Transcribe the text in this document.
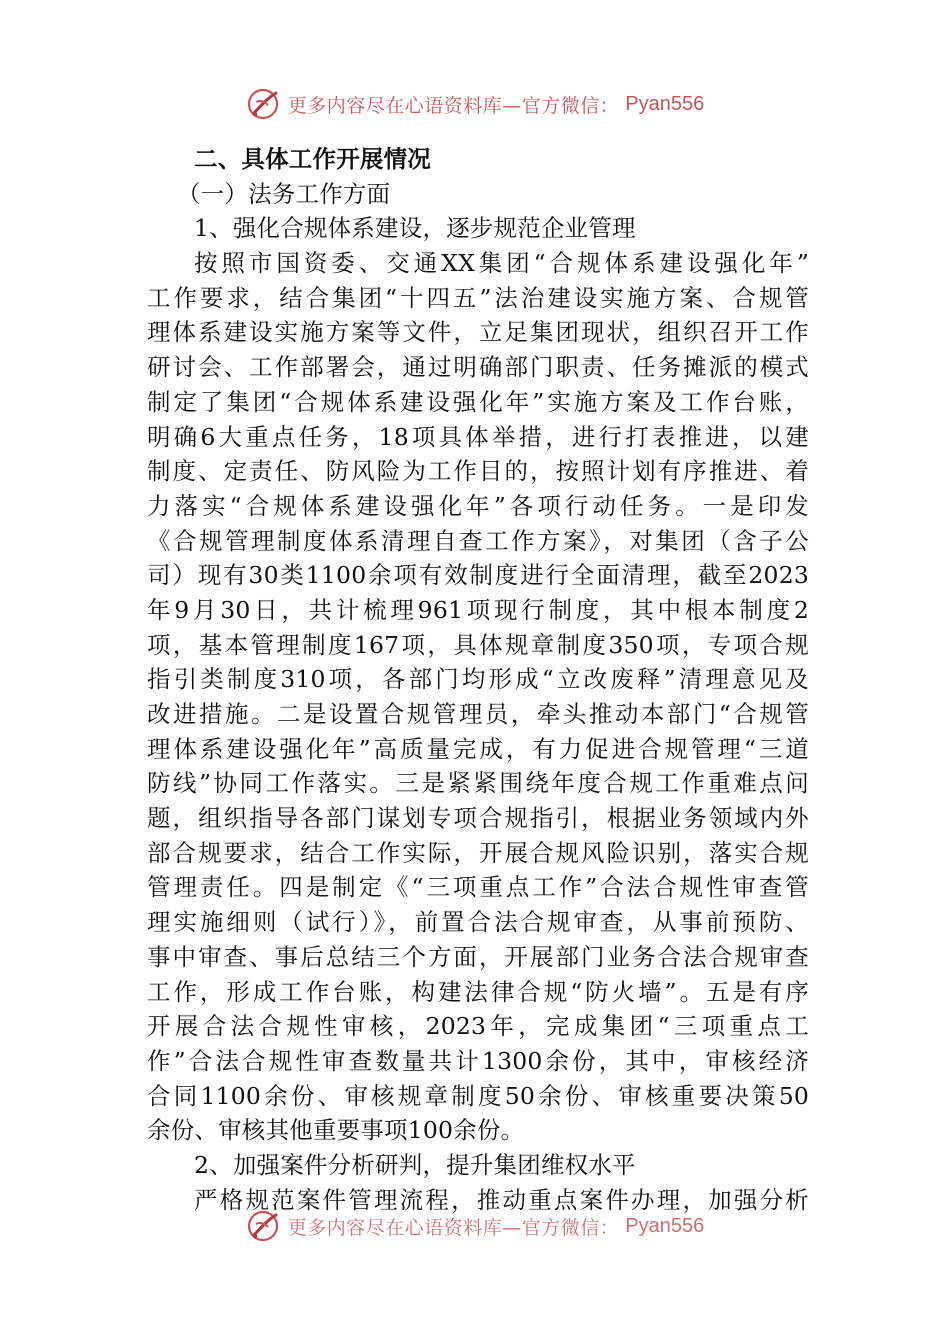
更多内容尽在心语资料库—官方微信： Pyan556
二、具体工作开展情况
（一）法务工作方面
1、强化合规体系建设，逐步规范企业管理
按照市国资委、交通XX集团“合规体系建设强化年”
工作要求，结合集团“十四五”法治建设实施方案、合规管
理体系建设实施方案等文件，立足集团现状，组织召开工作
研讨会、工作部署会，通过明确部门职责、任务摊派的模式
制定了集团“合规体系建设强化年”实施方案及工作台账，
明确6大重点任务，18项具体举措，进行打表推进，以建
制度、定责任、防风险为工作目的，按照计划有序推进、着
力落实“合规体系建设强化年”各项行动任务。一是印发
《合规管理制度体系清理自查工作方案》，对集团（含子公
司）现有30类1100余项有效制度进行全面清理，截至2023
年9月30日，共计梳理961项现行制度，其中根本制度2
项，基本管理制度167项，具体规章制度350项，专项合规
指引类制度310项，各部门均形成“立改废释”清理意见及
改进措施。二是设置合规管理员，牵头推动本部门“合规管
理体系建设强化年”高质量完成，有力促进合规管理“三道
防线”协同工作落实。三是紧紧围绕年度合规工作重难点问
题，组织指导各部门谋划专项合规指引，根据业务领域内外
部合规要求，结合工作实际，开展合规风险识别，落实合规
管理责任。四是制定《“三项重点工作”合法合规性审查管
理实施细则（试行）》，前置合法合规审查，从事前预防、
事中审查、事后总结三个方面，开展部门业务合法合规审查
工作，形成工作台账，构建法律合规“防火墙”。五是有序
开展合法合规性审核，2023年，完成集团“三项重点工
作”合法合规性审查数量共计1300余份，其中，审核经济
合同1100余份、审核规章制度50余份、审核重要决策50
余份、审核其他重要事项100余份。
2、加强案件分析研判，提升集团维权水平
严格规范案件管理流程，推动重点案件办理，加强分析
更多内容尽在心语资料库—官方微信： Pyan556
